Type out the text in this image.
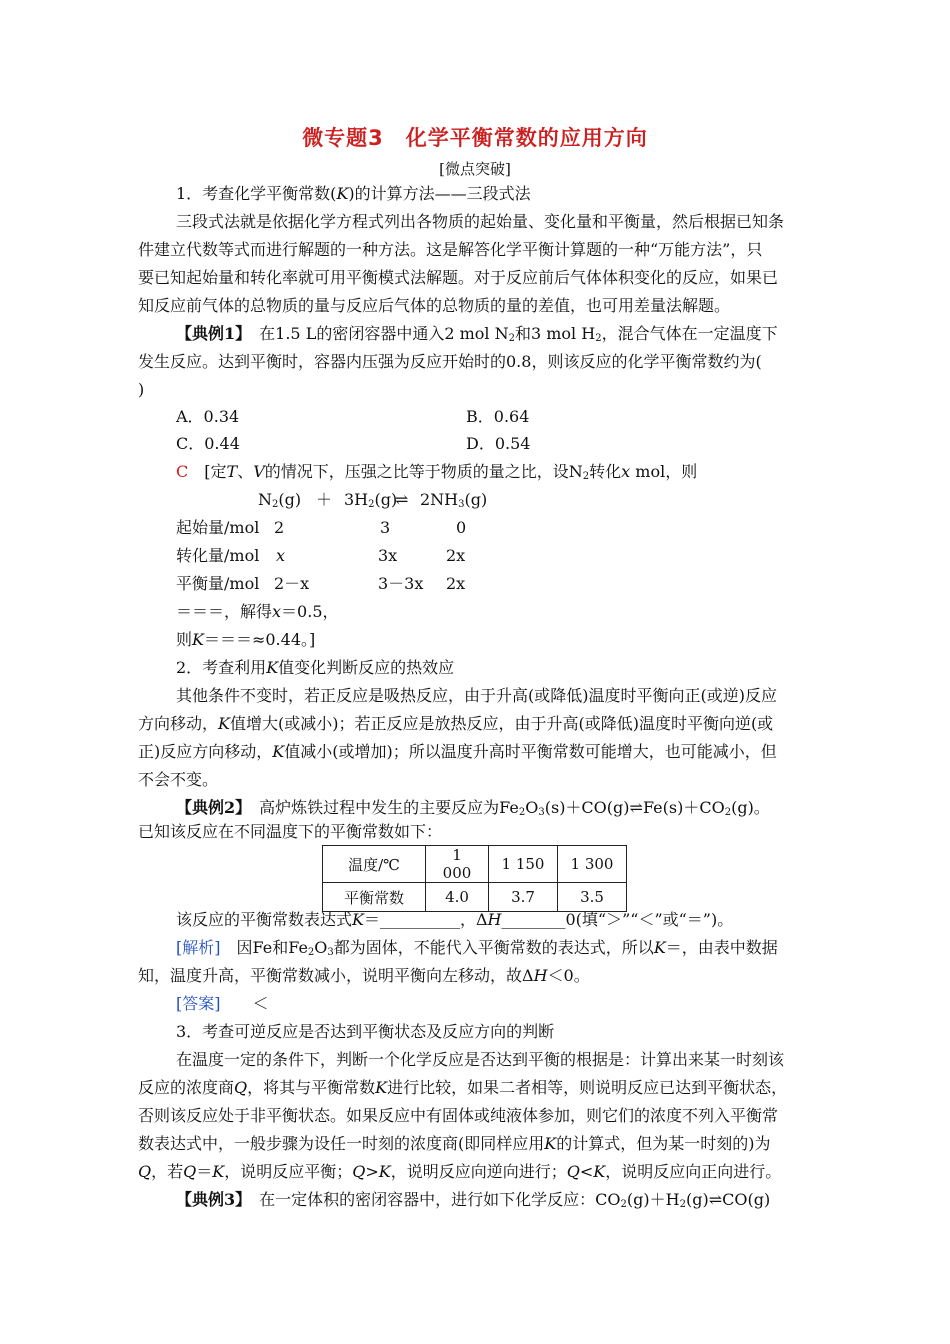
微专题3　化学平衡常数的应用方向
[微点突破]
1．考查化学平衡常数(K)的计算方法——三段式法
三段式法就是依据化学方程式列出各物质的起始量、变化量和平衡量，然后根据已知条
件建立代数等式而进行解题的一种方法。这是解答化学平衡计算题的一种“万能方法”，只
要已知起始量和转化率就可用平衡模式法解题。对于反应前后气体体积变化的反应，如果已
知反应前气体的总物质的量与反应后气体的总物质的量的差值，也可用差量法解题。
【典例1】　 在1.5 L的密闭容器中通入2 mol $N_2$和3 mol $H_2$，混合气体在一定温度下
发生反应。达到平衡时，容器内压强为反应开始时的0.8，则该反应的化学平衡常数约为(
)
A．0.34	B．0.64
C．0.44	D．0.54
C　 [定T、V的情况下，压强之比等于物质的量之比，设$N_2$转化x mol，则
$N_2(g) + 3H_2(g)$
⇌ $2NH_3(g)$
起始量/mol 2	3	0
转化量/mol x	3x	2x
平衡量/mol 2－x	3－3x 2x
＝＝＝，解得x＝0.5，
则K＝＝＝≈0.44。]
2．考查利用K值变化判断反应的热效应
其他条件不变时，若正反应是吸热反应，由于升高(或降低)温度时平衡向正(或逆)反应
方向移动，K值增大(或减小)；若正反应是放热反应，由于升高(或降低)温度时平衡向逆(或
正)反应方向移动，K值减小(或增加)；所以温度升高时平衡常数可能增大，也可能减小，但
不会不变。
【典例2】　 高炉炼铁过程中发生的主要反应为$Fe_2O_3(s)+CO(g)\rightleftharpoons Fe(s)+CO_2(g)$。
已知该反应在不同温度下的平衡常数如下：
温度/℃	1 000	1 150	1 300
平衡常数	4.0	3.7	3.5
该反应的平衡常数表达式K＝__________，ΔH________0(填“＞”“＜”或“＝”)。
[解析]　 因Fe和$Fe_2O_3$都为固体，不能代入平衡常数的表达式，所以K＝，由表中数据
知，温度升高，平衡常数减小，说明平衡向左移动，故ΔH＜0。
[答案]　　 ＜
3．考查可逆反应是否达到平衡状态及反应方向的判断
在温度一定的条件下，判断一个化学反应是否达到平衡的根据是：计算出来某一时刻该
反应的浓度商Q，将其与平衡常数K进行比较，如果二者相等，则说明反应已达到平衡状态，
否则该反应处于非平衡状态。如果反应中有固体或纯液体参加，则它们的浓度不列入平衡常
数表达式中，一般步骤为设任一时刻的浓度商(即同样应用K的计算式，但为某一时刻的)为
Q，若Q＝K，说明反应平衡；Q>K，说明反应向逆向进行；Q<K，说明反应向正向进行。
【典例3】　 在一定体积的密闭容器中，进行如下化学反应：$CO_2(g)+H_2(g)\rightleftharpoons CO(g)$
